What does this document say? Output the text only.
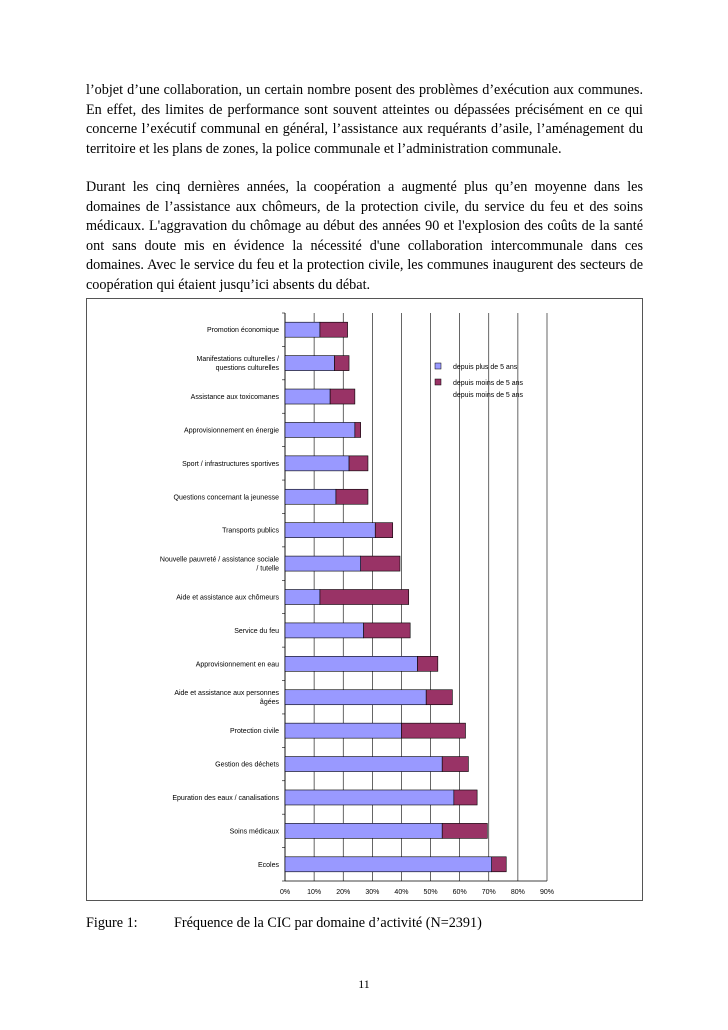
l’objet d’une collaboration, un certain nombre posent des problèmes d’exécution aux communes. En effet, des limites de performance sont souvent atteintes ou dépassées précisément en ce qui concerne l’exécutif communal en général, l’assistance aux requérants d’asile, l’aménagement du territoire et les plans de zones, la police communale et l’administration communale.

Durant les cinq dernières années, la coopération a augmenté plus qu’en moyenne dans les domaines de l’assistance aux chômeurs, de la protection civile, du service du feu et des soins médicaux. L'aggravation du chômage au début des années 90 et l'explosion des coûts de la santé ont sans doute mis en évidence la nécessité d'une collaboration intercommunale dans ces domaines. Avec le service du feu et la protection civile, les communes inaugurent des secteurs de coopération qui étaient jusqu’ici absents du débat.

Promotion économique
Manifestations culturelles / questions culturelles
Assistance aux toxicomanes
Approvisionnement en énergie
Sport / infrastructures sportives
Questions concernant la jeunesse
Transports publics
Nouvelle pauvreté / assistance sociale / tutelle
Aide et assistance aux chômeurs
Service du feu
Approvisionnement en eau
Aide et assistance aux personnes âgées
Protection civile
Gestion des déchets
Epuration des eaux / canalisations
Soins médicaux
Ecoles
0% 10% 20% 30% 40% 50% 60% 70% 80% 90%
depuis plus de 5 ans
depuis moins de 5 ans
depuis moins de 5 ans
Figure 1:	Fréquence de la CIC par domaine d’activité (N=2391)
11
